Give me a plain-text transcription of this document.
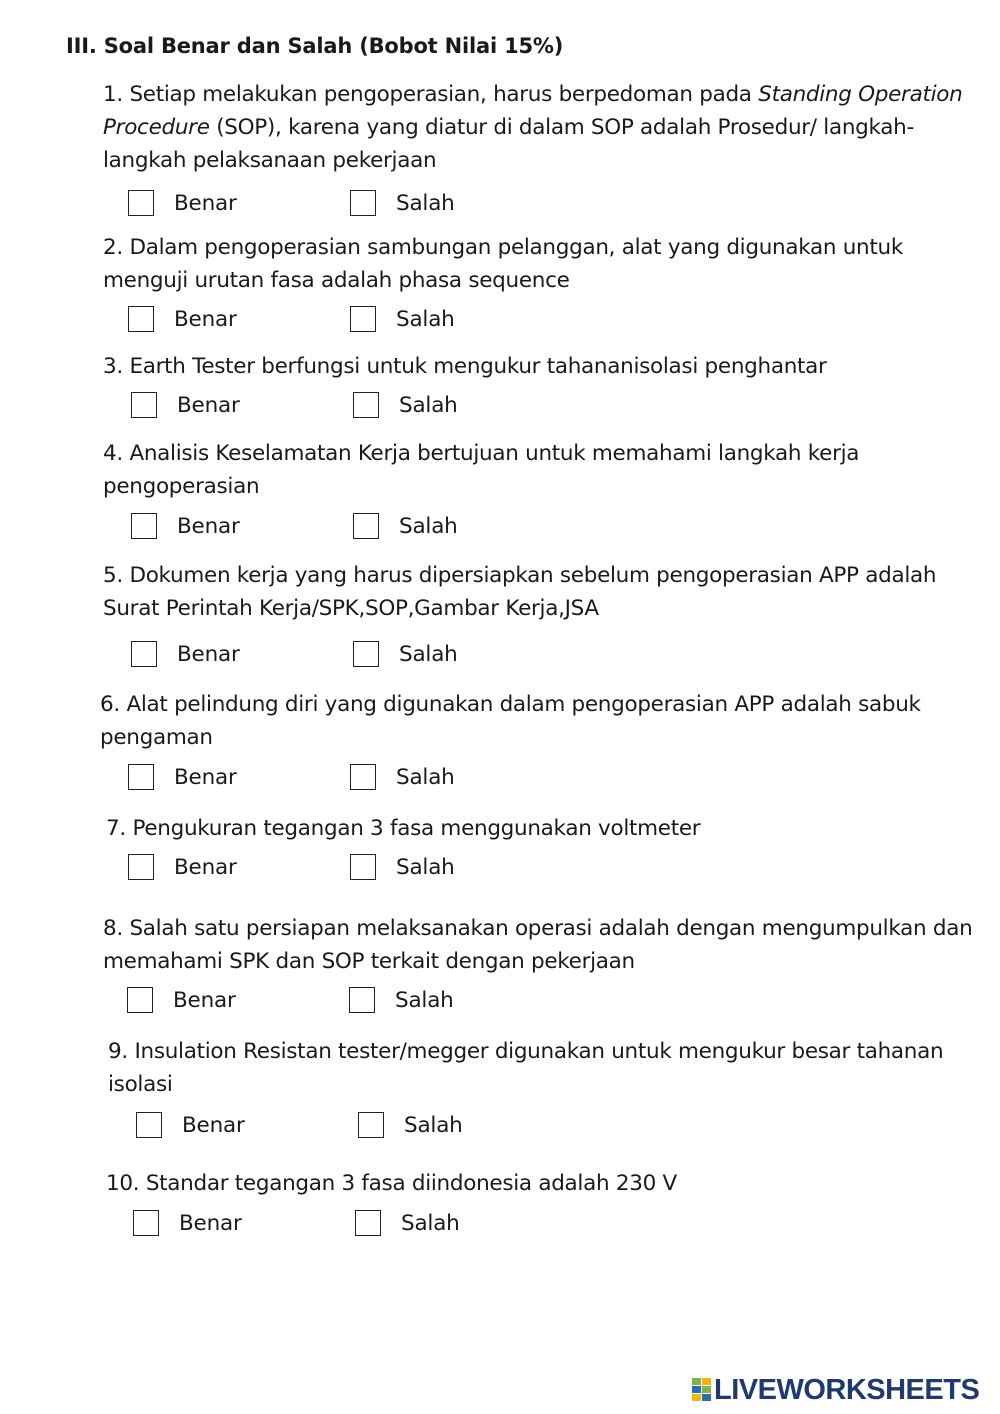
III. Soal Benar dan Salah (Bobot Nilai 15%)

1. Setiap melakukan pengoperasian, harus berpedoman pada Standing Operation Procedure (SOP), karena yang diatur di dalam SOP adalah Prosedur/ langkah-langkah pelaksanaan pekerjaan

Benar	Salah

2. Dalam pengoperasian sambungan pelanggan, alat yang digunakan untuk menguji urutan fasa adalah phasa sequence

Benar	Salah

3. Earth Tester berfungsi untuk mengukur tahananisolasi penghantar

Benar	Salah

4. Analisis Keselamatan Kerja bertujuan untuk memahami langkah kerja pengoperasian

Benar	Salah

5. Dokumen kerja yang harus dipersiapkan sebelum pengoperasian APP adalah Surat Perintah Kerja/SPK,SOP,Gambar Kerja,JSA

Benar	Salah

6. Alat pelindung diri yang digunakan dalam pengoperasian APP adalah sabuk pengaman

Benar	Salah

7. Pengukuran tegangan 3 fasa menggunakan voltmeter

Benar	Salah

8. Salah satu persiapan melaksanakan operasi adalah dengan mengumpulkan dan memahami SPK dan SOP terkait dengan pekerjaan

Benar	Salah

9. Insulation Resistan tester/megger digunakan untuk mengukur besar tahanan isolasi

Benar	Salah

10. Standar tegangan 3 fasa diindonesia adalah 230 V

Benar	Salah
LIVEWORKSHEETS
